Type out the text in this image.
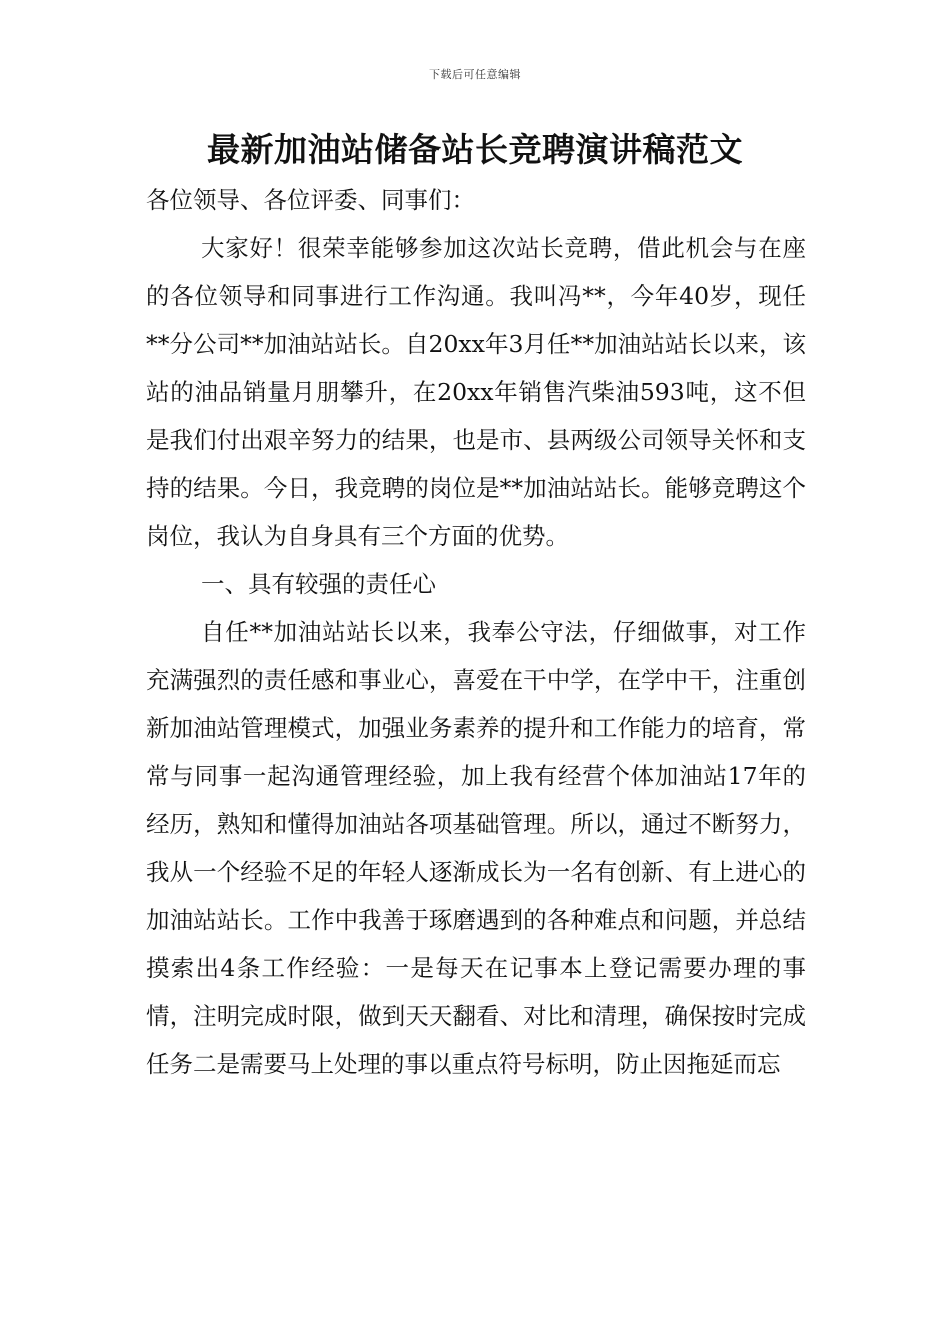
下载后可任意编辑
最新加油站储备站长竞聘演讲稿范文

各位领导、各位评委、同事们：

大家好！很荣幸能够参加这次站长竞聘，借此机会与在座的各位领导和同事进行工作沟通。我叫冯**，今年40岁，现任**分公司**加油站站长。自20xx年3月任**加油站站长以来，该站的油品销量月朋攀升，在20xx年销售汽柴油593吨，这不但是我们付出艰辛努力的结果，也是市、县两级公司领导关怀和支持的结果。今日，我竞聘的岗位是**加油站站长。能够竞聘这个岗位，我认为自身具有三个方面的优势。

一、具有较强的责任心

自任**加油站站长以来，我奉公守法，仔细做事，对工作充满强烈的责任感和事业心，喜爱在干中学，在学中干，注重创新加油站管理模式，加强业务素养的提升和工作能力的培育，常常与同事一起沟通管理经验，加上我有经营个体加油站17年的经历，熟知和懂得加油站各项基础管理。所以，通过不断努力，我从一个经验不足的年轻人逐渐成长为一名有创新、有上进心的加油站站长。工作中我善于琢磨遇到的各种难点和问题，并总结摸索出4条工作经验：一是每天在记事本上登记需要办理的事情，注明完成时限，做到天天翻看、对比和清理，确保按时完成任务二是需要马上处理的事以重点符号标明，防止因拖延而忘
